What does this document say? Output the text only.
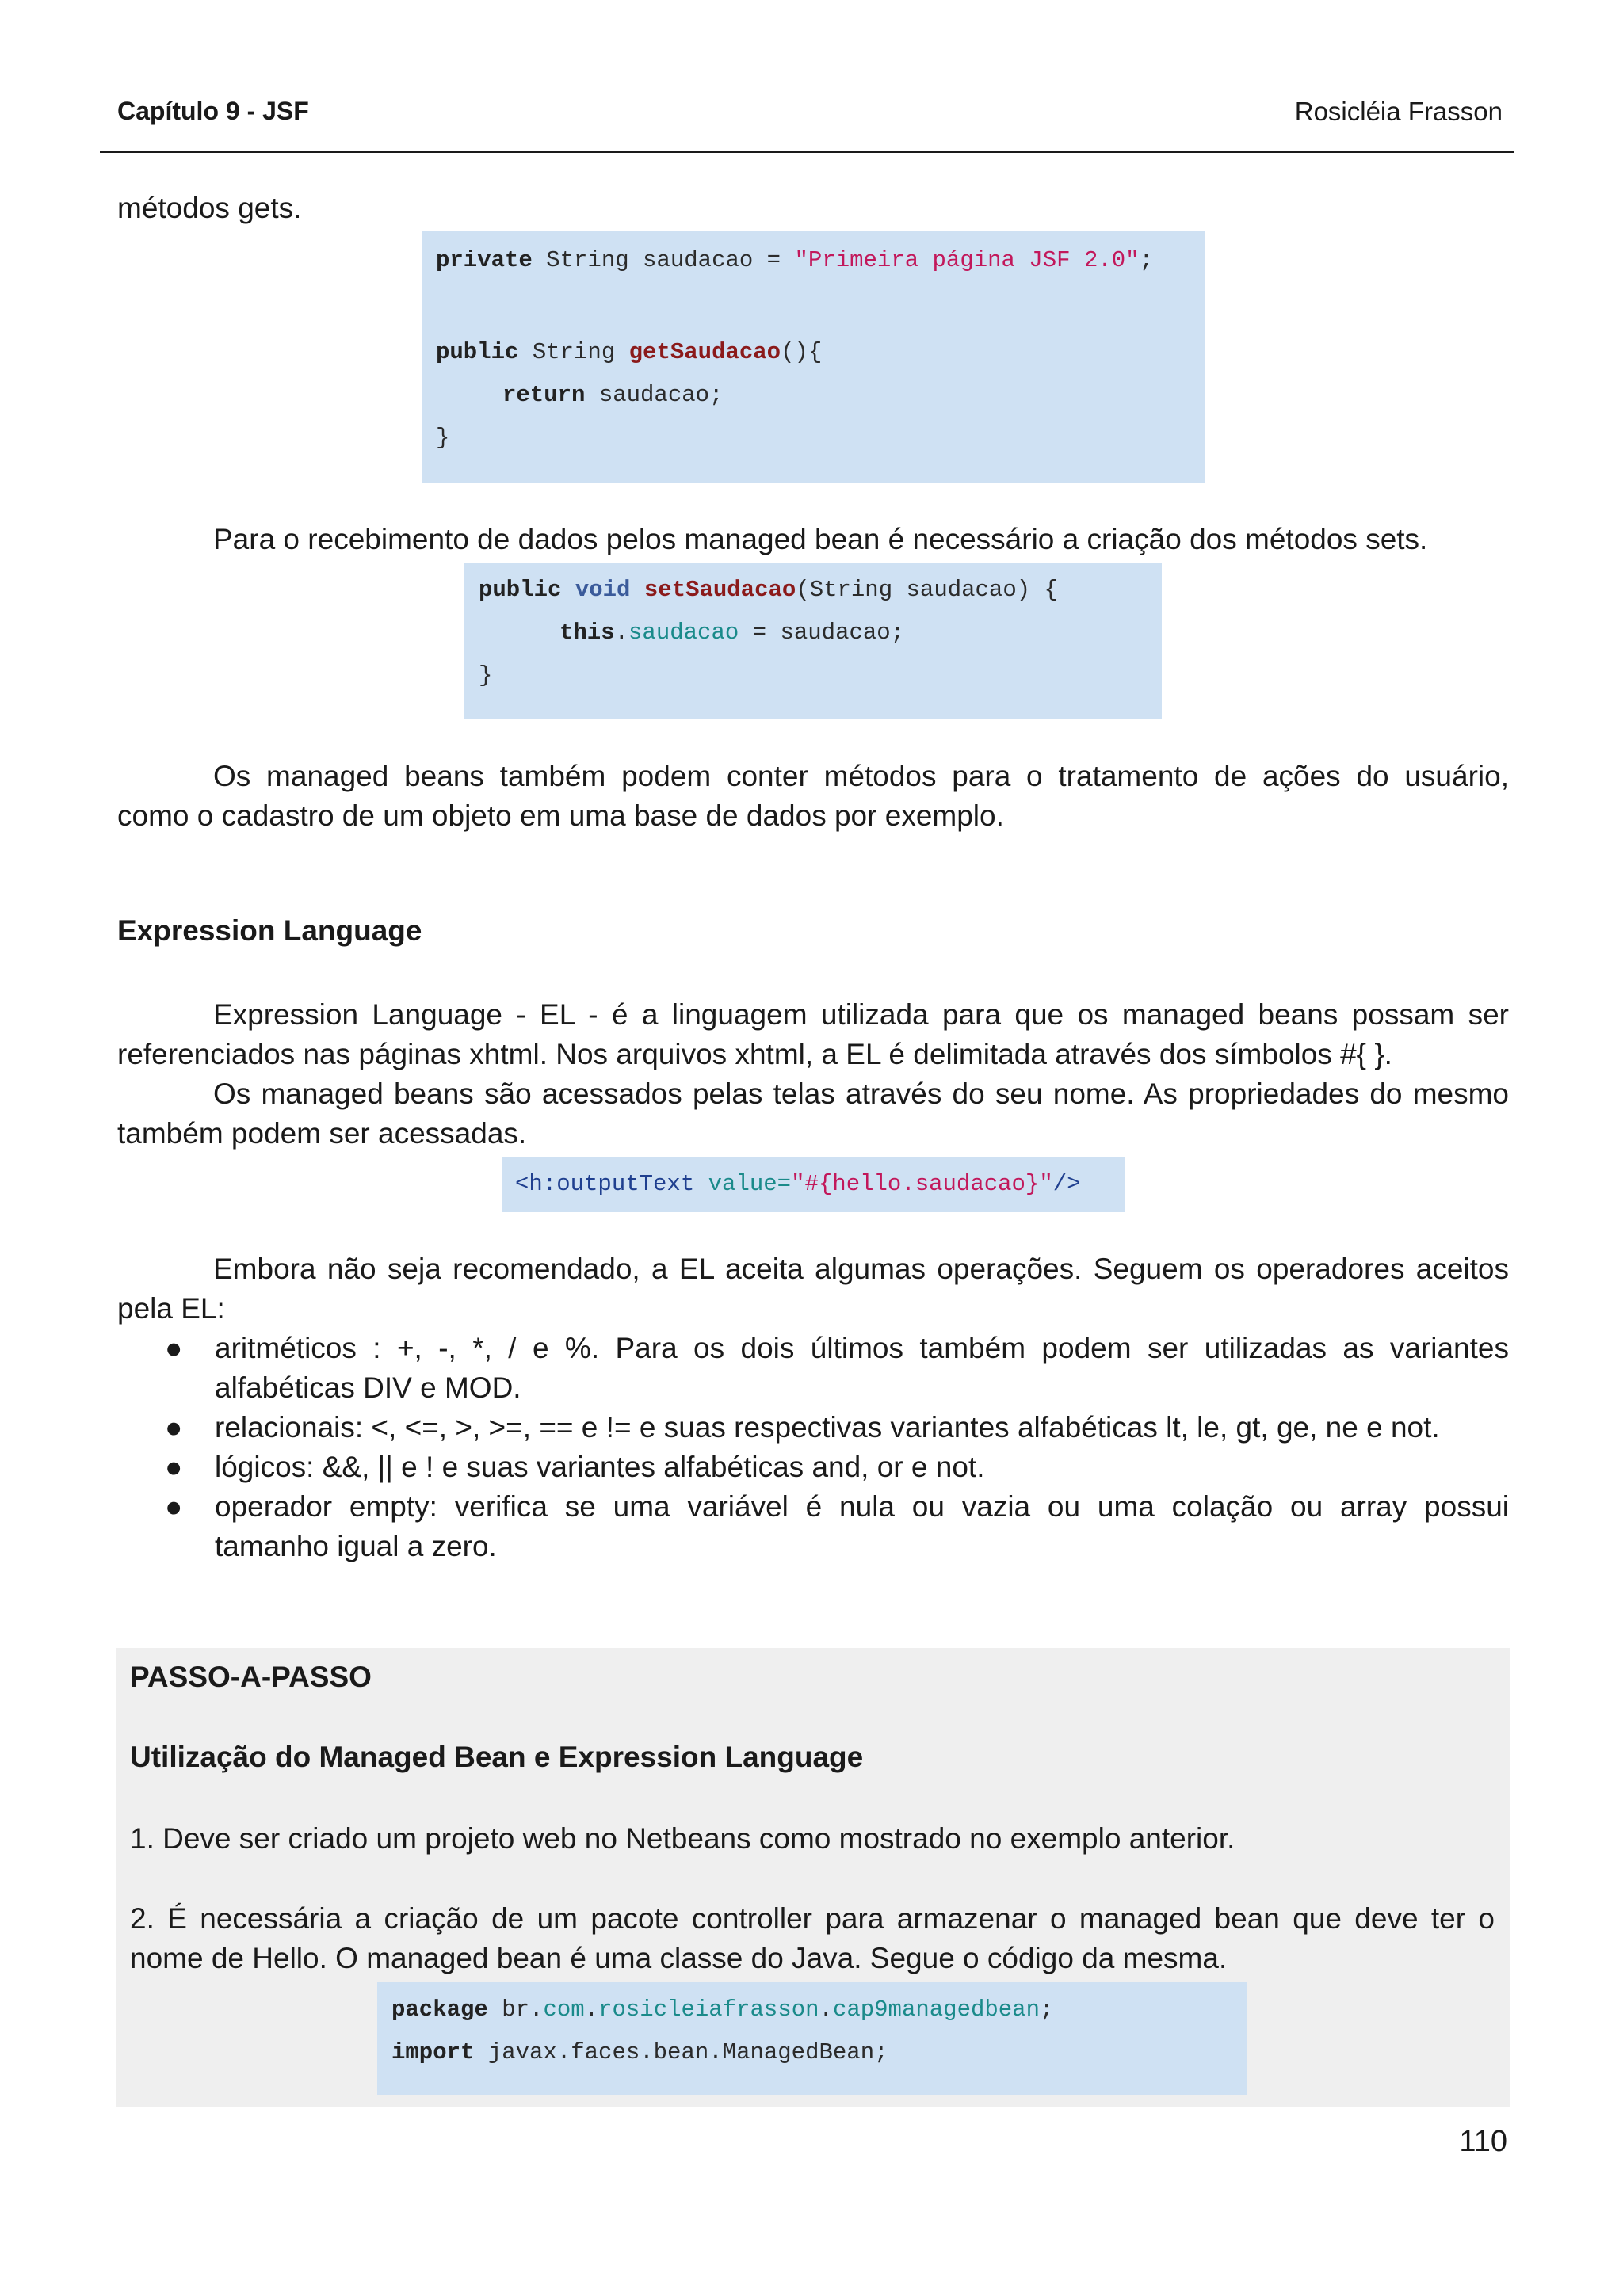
Capítulo 9 - JSF	Rosicléia Frasson
métodos gets.
private String saudacao = "Primeira página JSF 2.0";
public String getSaudacao(){
return saudacao;
}
Para o recebimento de dados pelos managed bean é necessário a criação dos métodos sets.
public void setSaudacao(String saudacao) {
this.saudacao = saudacao;
}
Os managed beans também podem conter métodos para o tratamento de ações do usuário,
como o cadastro de um objeto em uma base de dados por exemplo.
Expression Language
Expression Language - EL - é a linguagem utilizada para que os managed beans possam ser
referenciados nas páginas xhtml. Nos arquivos xhtml, a EL é delimitada através dos símbolos #{ }.
Os managed beans são acessados pelas telas através do seu nome. As propriedades do mesmo
também podem ser acessadas.
<h:outputText value="#{hello.saudacao}"/>
Embora não seja recomendado, a EL aceita algumas operações. Seguem os operadores aceitos
pela EL:
● aritméticos : +, -, *, / e %. Para os dois últimos também podem ser utilizadas as variantes
alfabéticas DIV e MOD.
● relacionais: <, <=, >, >=, == e != e suas respectivas variantes alfabéticas lt, le, gt, ge, ne e not.
● lógicos: &&, || e ! e suas variantes alfabéticas and, or e not.
● operador empty: verifica se uma variável é nula ou vazia ou uma colação ou array possui
tamanho igual a zero.
PASSO-A-PASSO
Utilização do Managed Bean e Expression Language
1. Deve ser criado um projeto web no Netbeans como mostrado no exemplo anterior.
2. É necessária a criação de um pacote controller para armazenar o managed bean que deve ter o
nome de Hello. O managed bean é uma classe do Java. Segue o código da mesma.
package br.com.rosicleiafrasson.cap9managedbean;
import javax.faces.bean.ManagedBean;
110
